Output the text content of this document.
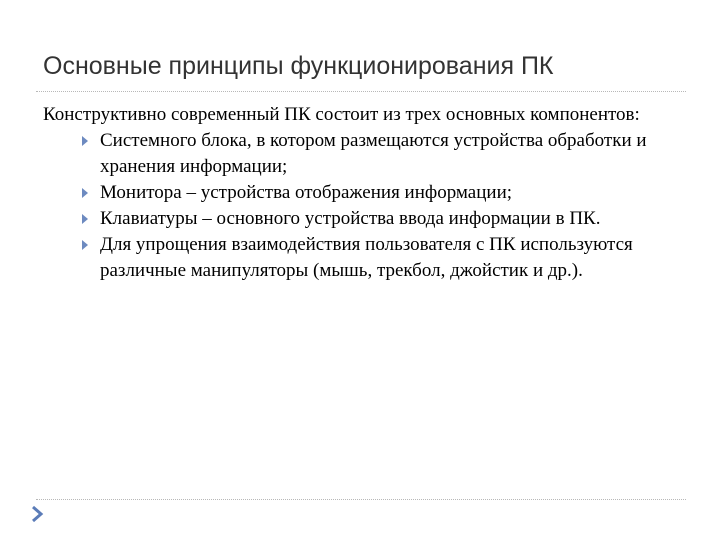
Основные принципы функционирования ПК

Конструктивно современный ПК состоит из трех основных компонентов:

Системного блока, в котором размещаются устройства обработки и хранения информации;
Монитора – устройства отображения информации;
Клавиатуры – основного устройства ввода информации в ПК.
Для упрощения взаимодействия пользователя с ПК используются различные манипуляторы (мышь, трекбол, джойстик и др.).
